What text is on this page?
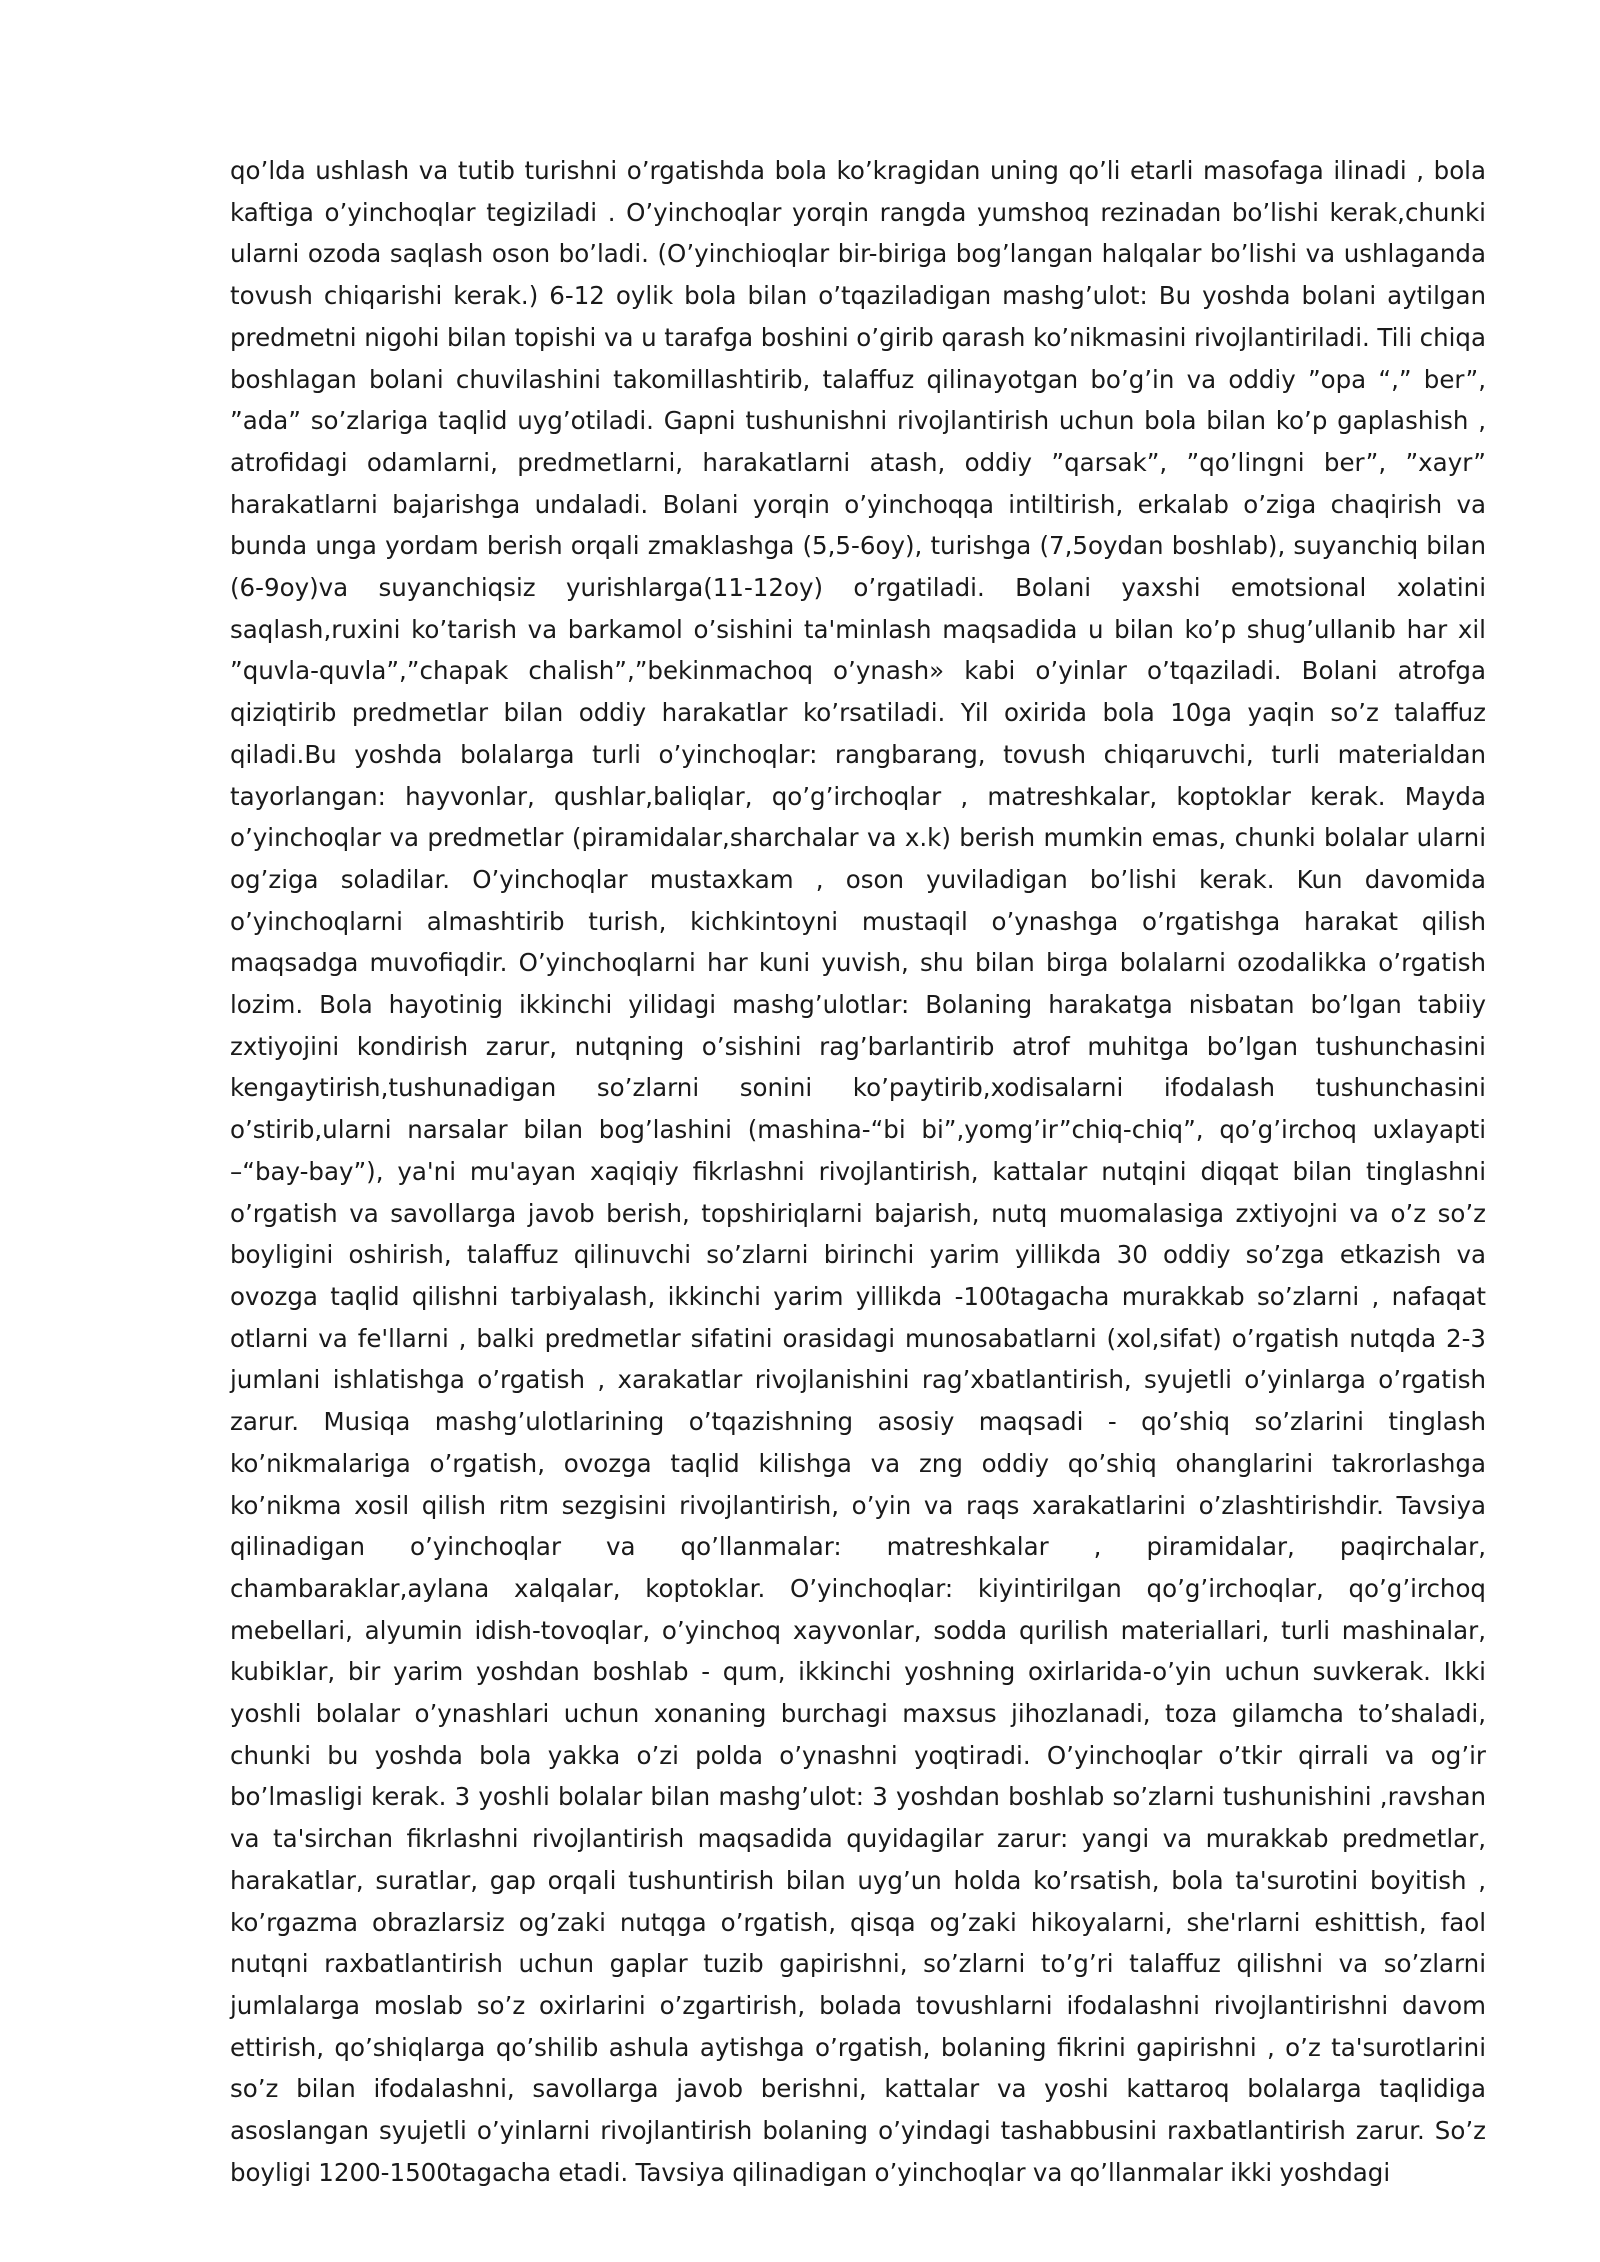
qo’lda ushlash va tutib turishni o’rgatishda bola ko’kragidan uning qo’li etarli masofaga ilinadi , bola kaftiga o’yinchoqlar tegiziladi . O’yinchoqlar yorqin rangda yumshoq rezinadan bo’lishi kerak,chunki ularni ozoda saqlash oson bo’ladi. (O’yinchioqlar bir-biriga bog’langan halqalar bo’lishi va ushlaganda tovush chiqarishi kerak.) 6-12 oylik bola bilan o’tqaziladigan mashg’ulot: Bu yoshda bolani aytilgan predmetni nigohi bilan topishi va u tarafga boshini o’girib qarash ko’nikmasini rivojlantiriladi. Tili chiqa boshlagan bolani chuvilashini takomillashtirib, talaffuz qilinayotgan bo’g’in va oddiy ”opa “,” ber”, ”ada” so’zlariga taqlid uyg’otiladi. Gapni tushunishni rivojlantirish uchun bola bilan ko’p gaplashish , atrofidagi odamlarni, predmetlarni, harakatlarni atash, oddiy ”qarsak”, ”qo’lingni ber”, ”xayr” harakatlarni bajarishga undaladi. Bolani yorqin o’yinchoqqa intiltirish, erkalab o’ziga chaqirish va bunda unga yordam berish orqali zmaklashga (5,5-6oy), turishga (7,5oydan boshlab), suyanchiq bilan (6-9oy)va suyanchiqsiz yurishlarga(11-12oy) o’rgatiladi. Bolani yaxshi emotsional xolatini saqlash,ruxini ko’tarish va barkamol o’sishini ta'minlash maqsadida u bilan ko’p shug’ullanib har xil ”quvla-quvla”,”chapak chalish”,”bekinmachoq o’ynash» kabi o’yinlar o’tqaziladi. Bolani atrofga qiziqtirib predmetlar bilan oddiy harakatlar ko’rsatiladi. Yil oxirida bola 10ga yaqin so’z talaffuz qiladi.Bu yoshda bolalarga turli o’yinchoqlar: rangbarang, tovush chiqaruvchi, turli materialdan tayorlangan: hayvonlar, qushlar,baliqlar, qo’g’irchoqlar , matreshkalar, koptoklar kerak. Mayda o’yinchoqlar va predmetlar (piramidalar,sharchalar va x.k) berish mumkin emas, chunki bolalar ularni og’ziga soladilar. O’yinchoqlar mustaxkam , oson yuviladigan bo’lishi kerak. Kun davomida o’yinchoqlarni almashtirib turish, kichkintoyni mustaqil o’ynashga o’rgatishga harakat qilish maqsadga muvofiqdir. O’yinchoqlarni har kuni yuvish, shu bilan birga bolalarni ozodalikka o’rgatish lozim. Bola hayotinig ikkinchi yilidagi mashg’ulotlar: Bolaning harakatga nisbatan bo’lgan tabiiy zxtiyojini kondirish zarur, nutqning o’sishini rag’barlantirib atrof muhitga bo’lgan tushunchasini kengaytirish,tushunadigan so’zlarni sonini ko’paytirib,xodisalarni ifodalash tushunchasini o’stirib,ularni narsalar bilan bog’lashini (mashina-“bi bi”,yomg’ir”chiq-chiq”, qo’g’irchoq uxlayapti –“bay-bay”), ya'ni mu'ayan xaqiqiy fikrlashni rivojlantirish, kattalar nutqini diqqat bilan tinglashni o’rgatish va savollarga javob berish, topshiriqlarni bajarish, nutq muomalasiga zxtiyojni va o’z so’z boyligini oshirish, talaffuz qilinuvchi so’zlarni birinchi yarim yillikda 30 oddiy so’zga etkazish va ovozga taqlid qilishni tarbiyalash, ikkinchi yarim yillikda -100tagacha murakkab so’zlarni , nafaqat otlarni va fe'llarni , balki predmetlar sifatini orasidagi munosabatlarni (xol,sifat) o’rgatish nutqda 2-3 jumlani ishlatishga o’rgatish , xarakatlar rivojlanishini rag’xbatlantirish, syujetli o’yinlarga o’rgatish zarur. Musiqa mashg’ulotlarining o’tqazishning asosiy maqsadi - qo’shiq so’zlarini tinglash ko’nikmalariga o’rgatish, ovozga taqlid kilishga va zng oddiy qo’shiq ohanglarini takrorlashga ko’nikma xosil qilish ritm sezgisini rivojlantirish, o’yin va raqs xarakatlarini o’zlashtirishdir. Tavsiya qilinadigan o’yinchoqlar va qo’llanmalar: matreshkalar , piramidalar, paqirchalar, chambaraklar,aylana xalqalar, koptoklar. O’yinchoqlar: kiyintirilgan qo’g’irchoqlar, qo’g’irchoq mebellari, alyumin idish-tovoqlar, o’yinchoq xayvonlar, sodda qurilish materiallari, turli mashinalar, kubiklar, bir yarim yoshdan boshlab - qum, ikkinchi yoshning oxirlarida-o’yin uchun suvkerak. Ikki yoshli bolalar o’ynashlari uchun xonaning burchagi maxsus jihozlanadi, toza gilamcha to’shaladi, chunki bu yoshda bola yakka o’zi polda o’ynashni yoqtiradi. O’yinchoqlar o’tkir qirrali va og’ir bo’lmasligi kerak. 3 yoshli bolalar bilan mashg’ulot: 3 yoshdan boshlab so’zlarni tushunishini ,ravshan va ta'sirchan fikrlashni rivojlantirish maqsadida quyidagilar zarur: yangi va murakkab predmetlar, harakatlar, suratlar, gap orqali tushuntirish bilan uyg’un holda ko’rsatish, bola ta'surotini boyitish , ko’rgazma obrazlarsiz og’zaki nutqga o’rgatish, qisqa og’zaki hikoyalarni, she'rlarni eshittish, faol nutqni raxbatlantirish uchun gaplar tuzib gapirishni, so’zlarni to’g’ri talaffuz qilishni va so’zlarni jumlalarga moslab so’z oxirlarini o’zgartirish, bolada tovushlarni ifodalashni rivojlantirishni davom ettirish, qo’shiqlarga qo’shilib ashula aytishga o’rgatish, bolaning fikrini gapirishni , o’z ta'surotlarini so’z bilan ifodalashni, savollarga javob berishni, kattalar va yoshi kattaroq bolalarga taqlidiga asoslangan syujetli o’yinlarni rivojlantirish bolaning o’yindagi tashabbusini raxbatlantirish zarur. So’z boyligi 1200-1500tagacha etadi. Tavsiya qilinadigan o’yinchoqlar va qo’llanmalar ikki yoshdagi
